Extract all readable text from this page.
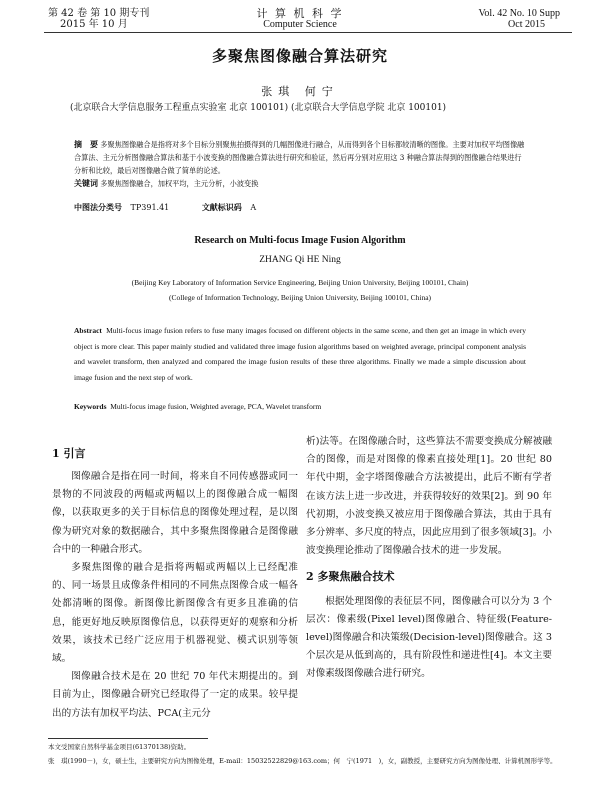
第 42 卷 第 10 期专刊
2015 年 10 月
计 算 机 科 学
Computer Science
Vol. 42 No. 10 Supp
Oct 2015
多聚焦图像融合算法研究
张琪 何宁
(北京联合大学信息服务工程重点实验室 北京 100101) (北京联合大学信息学院 北京 100101)
摘　要 多聚焦图像融合是指将对多个目标分别聚焦拍摄得到的几幅图像进行融合，从而得到各个目标都较清晰的图像。主要对加权平均图像融合算法、主元分析图像融合算法和基于小波变换的图像融合算法进行研究和验证，然后再分别对应用这 3 种融合算法得到的图像融合结果进行分析和比较，最后对图像融合做了简单的论述。
关键词 多聚焦图像融合，加权平均，主元分析，小波变换
中图法分类号 TP391.41	文献标识码 A
Research on Multi-focus Image Fusion Algorithm
ZHANG Qi HE Ning
(Beijing Key Laboratory of Information Service Engineering, Beijing Union University, Beijing 100101, Chain)
(College of Information Technology, Beijing Union University, Beijing 100101, China)
Abstract Multi-focus image fusion refers to fuse many images focused on different objects in the same scene, and then get an image in which every object is more clear. This paper mainly studied and validated three image fusion algorithms based on weighted average, principal component analysis and wavelet transform, then analyzed and compared the image fusion results of these three algorithms. Finally we made a simple discussion about image fusion and the next step of work.
Keywords Multi-focus image fusion, Weighted average, PCA, Wavelet transform
1 引言

图像融合是指在同一时间，将来自不同传感器或同一景物的不同波段的两幅或两幅以上的图像融合成一幅图像，以获取更多的关于目标信息的图像处理过程，是以图像为研究对象的数据融合，其中多聚焦图像融合是图像融合中的一种融合形式。

多聚焦图像的融合是指将两幅或两幅以上已经配准的、同一场景且成像条件相同的不同焦点图像合成一幅各处都清晰的图像。新图像比新图像含有更多且准确的信息，能更好地反映原图像信息，以获得更好的观察和分析效果，该技术已经广泛应用于机器视觉、模式识别等领域。

图像融合技术是在 20 世纪 70 年代末期提出的。到目前为止，图像融合研究已经取得了一定的成果。较早提出的方法有加权平均法、PCA(主元分

析)法等。在图像融合时，这些算法不需要变换成分解被融合的图像，而是对图像的像素直接处理[1]。20 世纪 80 年代中期，金字塔图像融合方法被提出，此后不断有学者在该方法上进一步改进，并获得较好的效果[2]。到 90 年代初期，小波变换又被应用于图像融合算法，其由于具有多分辨率、多尺度的特点，因此应用到了很多领域[3]。小波变换理论推动了图像融合技术的进一步发展。

2 多聚焦融合技术

根据处理图像的表征层不同，图像融合可以分为 3 个层次：像素级(Pixel level)图像融合、特征级(Feature-level)图像融合和决策级(Decision-level)图像融合。这 3 个层次是从低到高的，具有阶段性和递进性[4]。本文主要对像素级图像融合进行研究。

本文受国家自然科学基金项目(61370138)资助。
张　琪(1990－)，女，硕士生，主要研究方向为图像处理，E-mail：15032522829@163.com；何　宁(1971　)，女，副教授，主要研究方向为图像处理、计算机图形学等。
